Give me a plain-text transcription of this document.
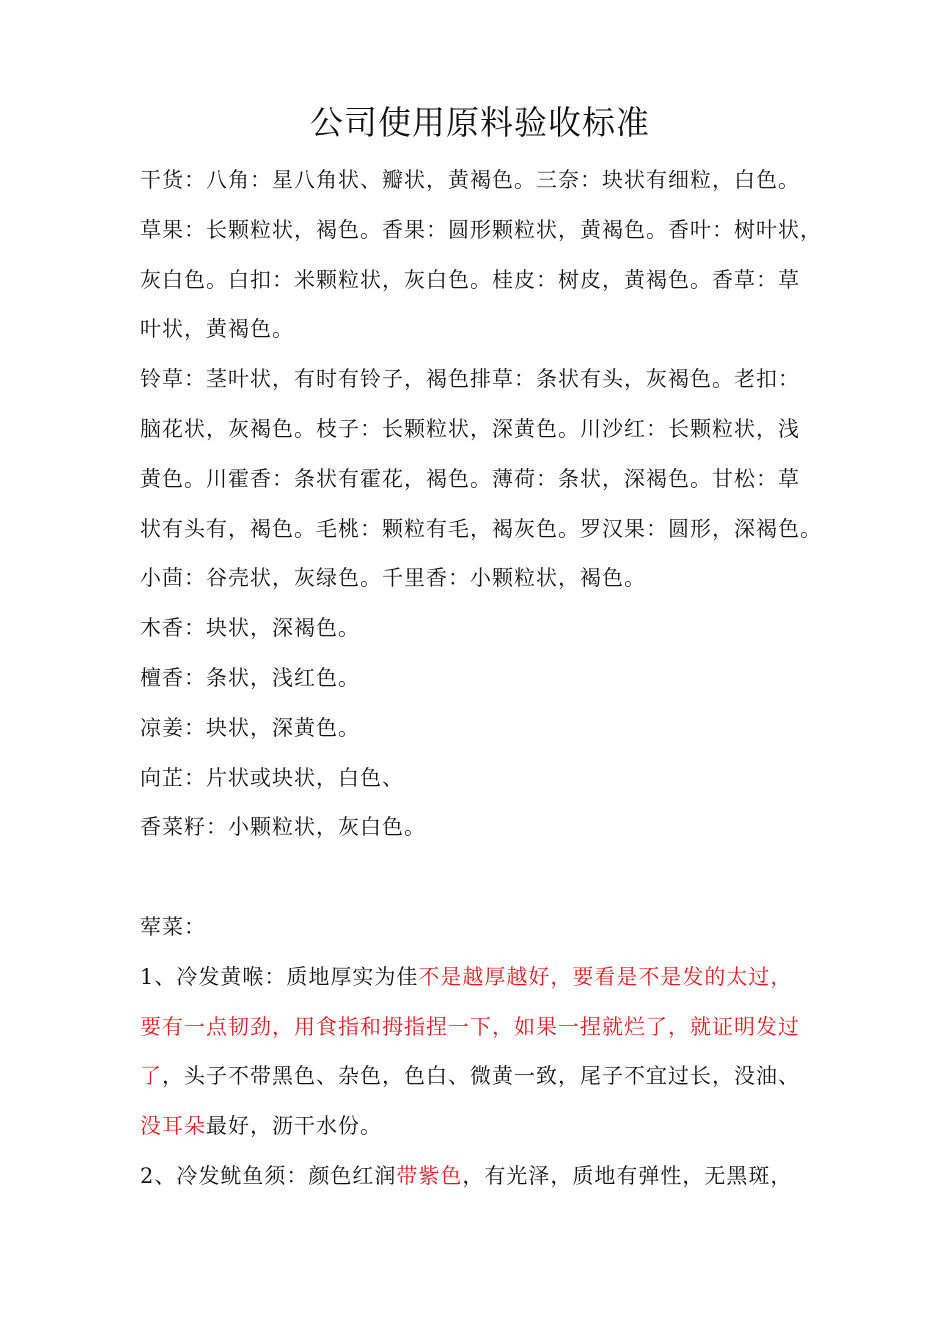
公司使用原料验收标准

干货：八角：星八角状、瓣状，黄褐色。三奈：块状有细粒，白色。

草果：长颗粒状，褐色。香果：圆形颗粒状，黄褐色。香叶：树叶状，

灰白色。白扣：米颗粒状，灰白色。桂皮：树皮，黄褐色。香草：草

叶状，黄褐色。

铃草：茎叶状，有时有铃子，褐色排草：条状有头，灰褐色。老扣：

脑花状，灰褐色。枝子：长颗粒状，深黄色。川沙红：长颗粒状，浅

黄色。川霍香：条状有霍花，褐色。薄荷：条状，深褐色。甘松：草

状有头有，褐色。毛桃：颗粒有毛，褐灰色。罗汉果：圆形，深褐色。

小茴：谷壳状，灰绿色。千里香：小颗粒状，褐色。

木香：块状，深褐色。

檀香：条状，浅红色。

凉姜：块状，深黄色。

向芷：片状或块状，白色、

香菜籽：小颗粒状，灰白色。

荤菜：

1、冷发黄喉：质地厚实为佳不是越厚越好，要看是不是发的太过，

要有一点韧劲，用食指和拇指捏一下，如果一捏就烂了，就证明发过

了，头子不带黑色、杂色，色白、微黄一致，尾子不宜过长，没油、

没耳朵最好，沥干水份。

2、冷发鱿鱼须：颜色红润带紫色，有光泽，质地有弹性，无黑斑，
